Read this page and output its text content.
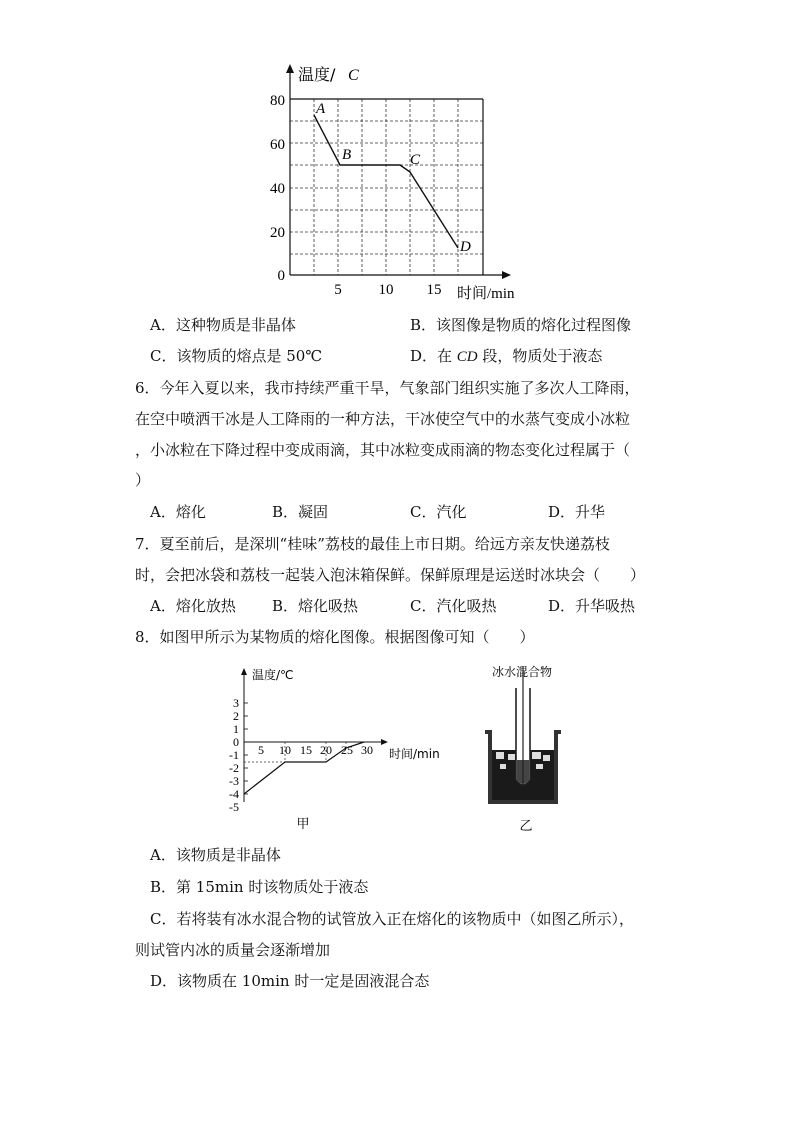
温度/ C
时间/min
80
60
40
20
0
5 10 15
A
B	C
D
A．这种物质是非晶体	B．该图像是物质的熔化过程图像
C．该物质的熔点是 50℃	D．在 CD 段，物质处于液态
6．今年入夏以来，我市持续严重干旱，气象部门组织实施了多次人工降雨，
在空中喷洒干冰是人工降雨的一种方法，干冰使空气中的水蒸气变成小冰粒
，小冰粒在下降过程中变成雨滴，其中冰粒变成雨滴的物态变化过程属于（
）
A．熔化	B．凝固	C．汽化	D．升华
7．夏至前后，是深圳“桂味”荔枝的最佳上市日期。给远方亲友快递荔枝
时，会把冰袋和荔枝一起装入泡沫箱保鲜。保鲜原理是运送时冰块会（　　）
A．熔化放热 B．熔化吸热	C．汽化吸热	D．升华吸热
8．如图甲所示为某物质的熔化图像。根据图像可知（　　）
温度/℃
时间/min
3
2
1
0
-1
-2
-3
-4
-5
5 10 15 20 25 30
甲
冰水混合物
乙
A．该物质是非晶体
B．第 15min 时该物质处于液态
C．若将装有冰水混合物的试管放入正在熔化的该物质中（如图乙所示），
则试管内冰的质量会逐渐增加
D．该物质在 10min 时一定是固液混合态
